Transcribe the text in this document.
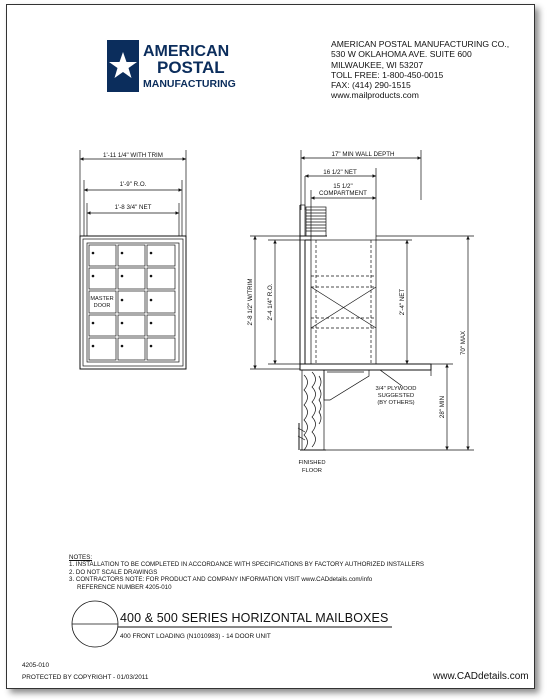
AMERICAN
POSTAL
MANUFACTURING
AMERICAN POSTAL MANUFACTURING CO.,
530 W OKLAHOMA AVE. SUITE 600
MILWAUKEE, WI 53207
TOLL FREE: 1-800-450-0015
FAX: (414) 290-1515
www.mailproducts.com
1'-11 1/4" WITH TRIM
1'-9" R.O.
1'-8 3/4" NET
MASTER
DOOR
17" MIN WALL DEPTH
16 1/2" NET
15 1/2"
COMPARTMENT
2'-8 1/2" W/TRIM 2'-4 1/4" R.O.	2'-4" NET
70" MAX
28" MIN
3/4" PLYWOOD
SUGGESTED
(BY OTHERS)
FINISHED
FLOOR
NOTES:
1. INSTALLATION TO BE COMPLETED IN ACCORDANCE WITH SPECIFICATIONS BY FACTORY AUTHORIZED INSTALLERS
2. DO NOT SCALE DRAWINGS
3. CONTRACTORS NOTE: FOR PRODUCT AND COMPANY INFORMATION VISIT www.CADdetails.com/info
REFERENCE NUMBER 4205-010
400 & 500 SERIES HORIZONTAL MAILBOXES
400 FRONT LOADING (N1010983) - 14 DOOR UNIT
4205-010
PROTECTED BY COPYRIGHT - 01/03/2011	www.CADdetails.com
